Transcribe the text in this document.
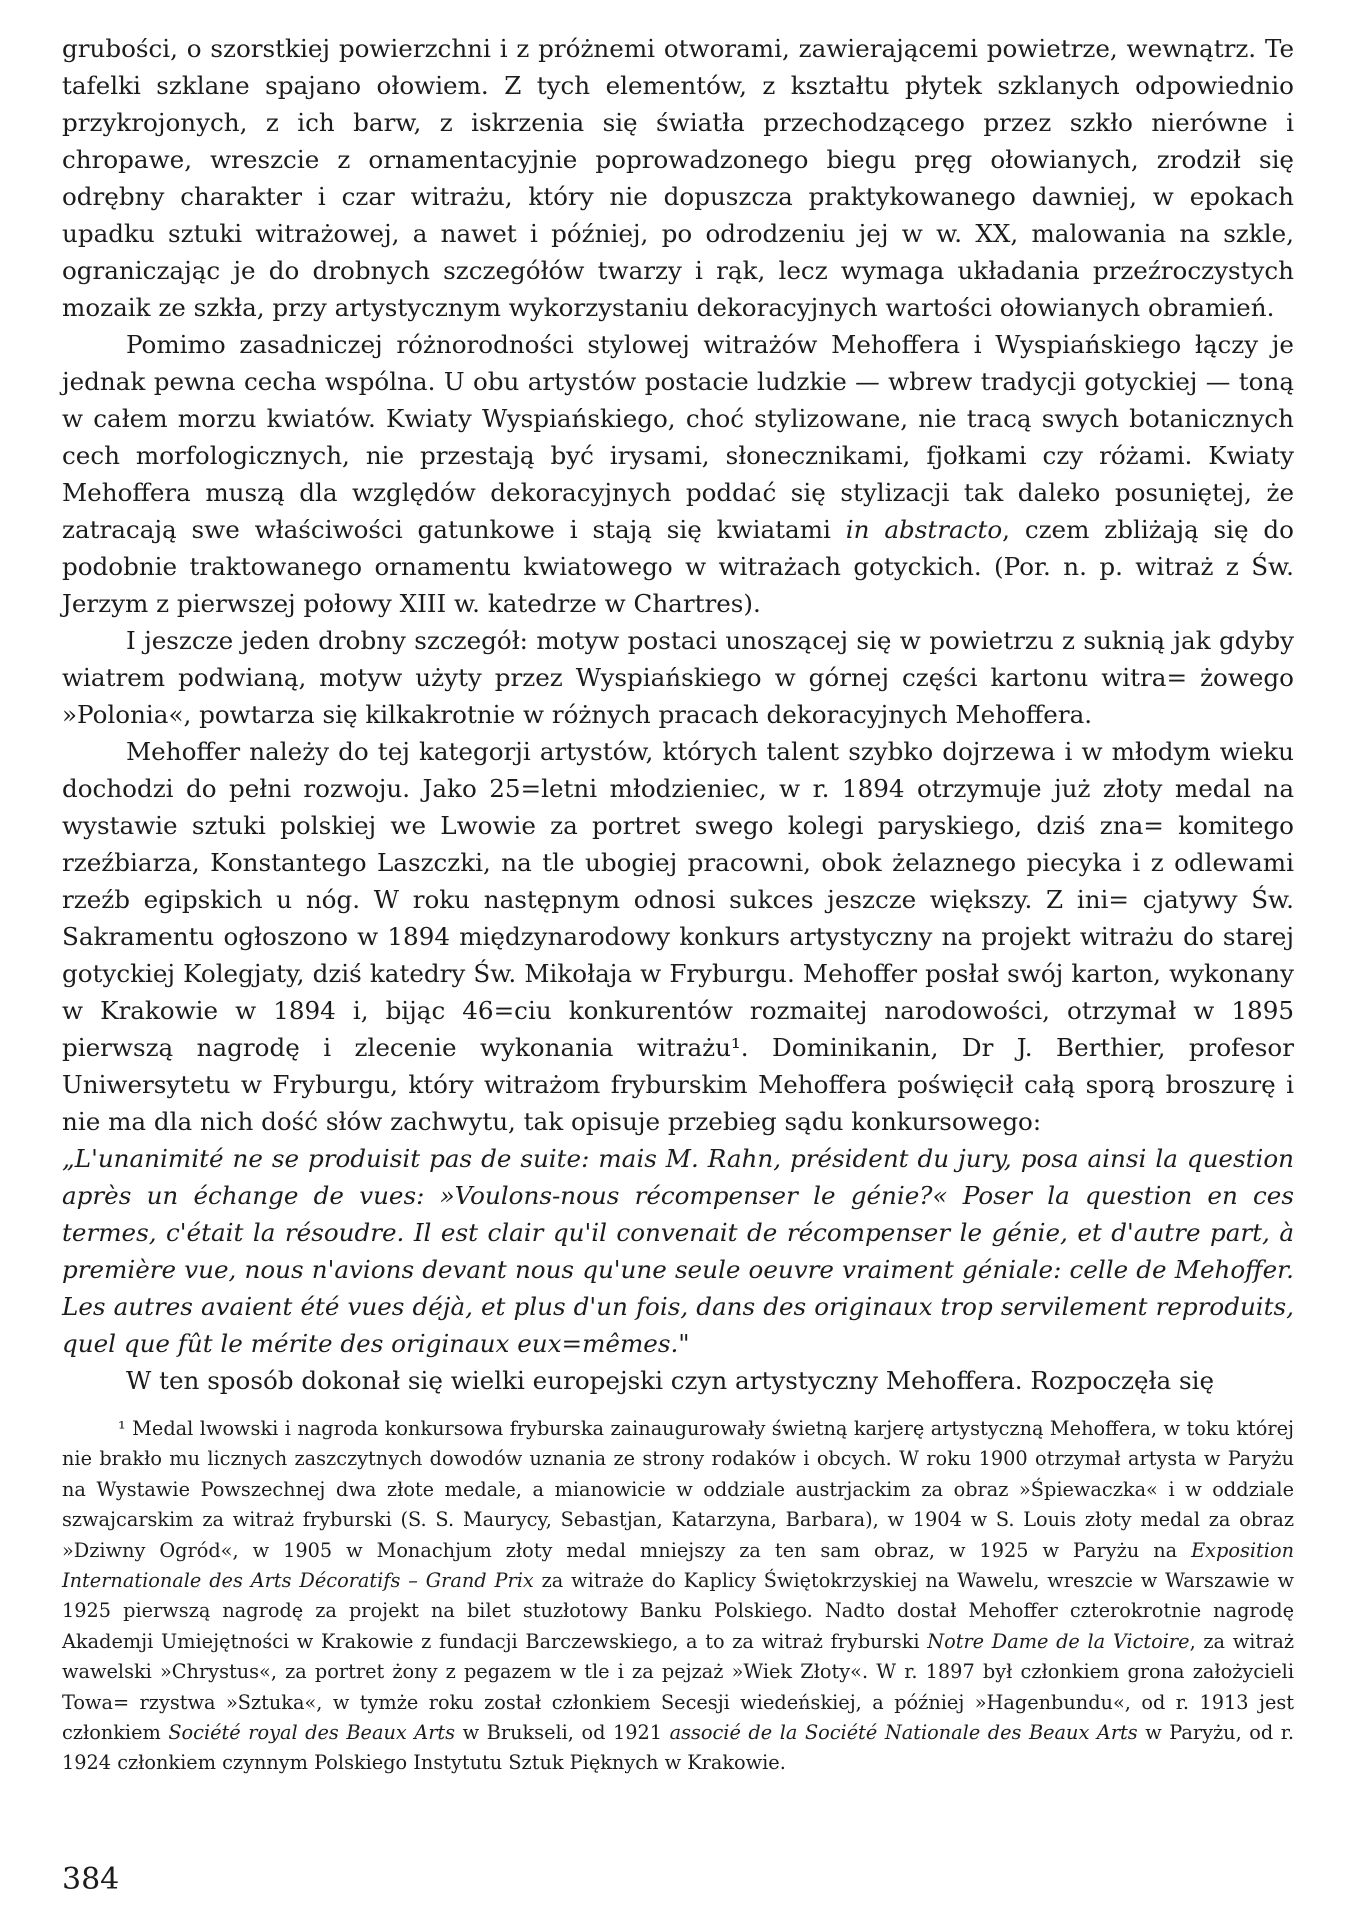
grubości, o szorstkiej powierzchni i z próżnemi otworami, zawierającemi powietrze, wewnątrz. Te tafelki szklane spajano ołowiem. Z tych elementów, z kształtu płytek szklanych odpowiednio przykrojonych, z ich barw, z iskrzenia się światła przechodzącego przez szkło nierówne i chropawe, wreszcie z ornamentacyjnie poprowadzonego biegu pręg ołowianych, zrodził się odrębny charakter i czar witrażu, który nie dopuszcza praktykowanego dawniej, w epokach upadku sztuki witrażowej, a nawet i później, po odrodzeniu jej w w. XX, malowania na szkle, ograniczając je do drobnych szczegółów twarzy i rąk, lecz wymaga układania przeźroczystych mozaik ze szkła, przy artystycznym wykorzystaniu dekoracyjnych wartości ołowianych obramień.

Pomimo zasadniczej różnorodności stylowej witrażów Mehoffera i Wyspiańskiego łączy je jednak pewna cecha wspólna. U obu artystów postacie ludzkie — wbrew tradycji gotyckiej — toną w całem morzu kwiatów. Kwiaty Wyspiańskiego, choć stylizowane, nie tracą swych botanicznych cech morfologicznych, nie przestają być irysami, słonecznikami, fjołkami czy różami. Kwiaty Mehoffera muszą dla względów dekoracyjnych poddać się stylizacji tak daleko posuniętej, że zatracają swe właściwości gatunkowe i stają się kwiatami in abstracto, czem zbliżają się do podobnie traktowanego ornamentu kwiatowego w witrażach gotyckich. (Por. n. p. witraż z Św. Jerzym z pierwszej połowy XIII w. katedrze w Chartres).

I jeszcze jeden drobny szczegół: motyw postaci unoszącej się w powietrzu z suknią jak gdyby wiatrem podwianą, motyw użyty przez Wyspiańskiego w górnej części kartonu witra= żowego »Polonia«, powtarza się kilkakrotnie w różnych pracach dekoracyjnych Mehoffera.

Mehoffer należy do tej kategorji artystów, których talent szybko dojrzewa i w młodym wieku dochodzi do pełni rozwoju. Jako 25=letni młodzieniec, w r. 1894 otrzymuje już złoty medal na wystawie sztuki polskiej we Lwowie za portret swego kolegi paryskiego, dziś zna= komitego rzeźbiarza, Konstantego Laszczki, na tle ubogiej pracowni, obok żelaznego piecyka i z odlewami rzeźb egipskich u nóg. W roku następnym odnosi sukces jeszcze większy. Z ini= cjatywy Św. Sakramentu ogłoszono w 1894 międzynarodowy konkurs artystyczny na projekt witrażu do starej gotyckiej Kolegjaty, dziś katedry Św. Mikołaja w Fryburgu. Mehoffer posłał swój karton, wykonany w Krakowie w 1894 i, bijąc 46=ciu konkurentów rozmaitej narodowości, otrzymał w 1895 pierwszą nagrodę i zlecenie wykonania witrażu¹. Dominikanin, Dr J. Berthier, profesor Uniwersytetu w Fryburgu, który witrażom fryburskim Mehoffera poświęcił całą sporą broszurę i nie ma dla nich dość słów zachwytu, tak opisuje przebieg sądu konkursowego:

„L'unanimité ne se produisit pas de suite: mais M. Rahn, président du jury, posa ainsi la question après un échange de vues: »Voulons-nous récompenser le génie?« Poser la question en ces termes, c'était la résoudre. Il est clair qu'il convenait de récompenser le génie, et d'autre part, à première vue, nous n'avions devant nous qu'une seule oeuvre vraiment géniale: celle de Mehoffer. Les autres avaient été vues déjà, et plus d'un fois, dans des originaux trop servilement reproduits, quel que fût le mérite des originaux eux=mêmes."

W ten sposób dokonał się wielki europejski czyn artystyczny Mehoffera. Rozpoczęła się

¹ Medal lwowski i nagroda konkursowa fryburska zainaugurowały świetną karjerę artystyczną Mehoffera, w toku której nie brakło mu licznych zaszczytnych dowodów uznania ze strony rodaków i obcych. W roku 1900 otrzymał artysta w Paryżu na Wystawie Powszechnej dwa złote medale, a mianowicie w oddziale austrjackim za obraz »Śpiewaczka« i w oddziale szwajcarskim za witraż fryburski (S. S. Maurycy, Sebastjan, Katarzyna, Barbara), w 1904 w S. Louis złoty medal za obraz »Dziwny Ogród«, w 1905 w Monachjum złoty medal mniejszy za ten sam obraz, w 1925 w Paryżu na Exposition Internationale des Arts Décoratifs – Grand Prix za witraże do Kaplicy Świętokrzyskiej na Wawelu, wreszcie w Warszawie w 1925 pierwszą nagrodę za projekt na bilet stuzłotowy Banku Polskiego. Nadto dostał Mehoffer czterokrotnie nagrodę Akademji Umiejętności w Krakowie z fundacji Barczewskiego, a to za witraż fryburski Notre Dame de la Victoire, za witraż wawelski »Chrystus«, za portret żony z pegazem w tle i za pejzaż »Wiek Złoty«. W r. 1897 był członkiem grona założycieli Towa= rzystwa »Sztuka«, w tymże roku został członkiem Secesji wiedeńskiej, a później »Hagenbundu«, od r. 1913 jest członkiem Société royal des Beaux Arts w Brukseli, od 1921 associé de la Société Nationale des Beaux Arts w Paryżu, od r. 1924 członkiem czynnym Polskiego Instytutu Sztuk Pięknych w Krakowie.

384
